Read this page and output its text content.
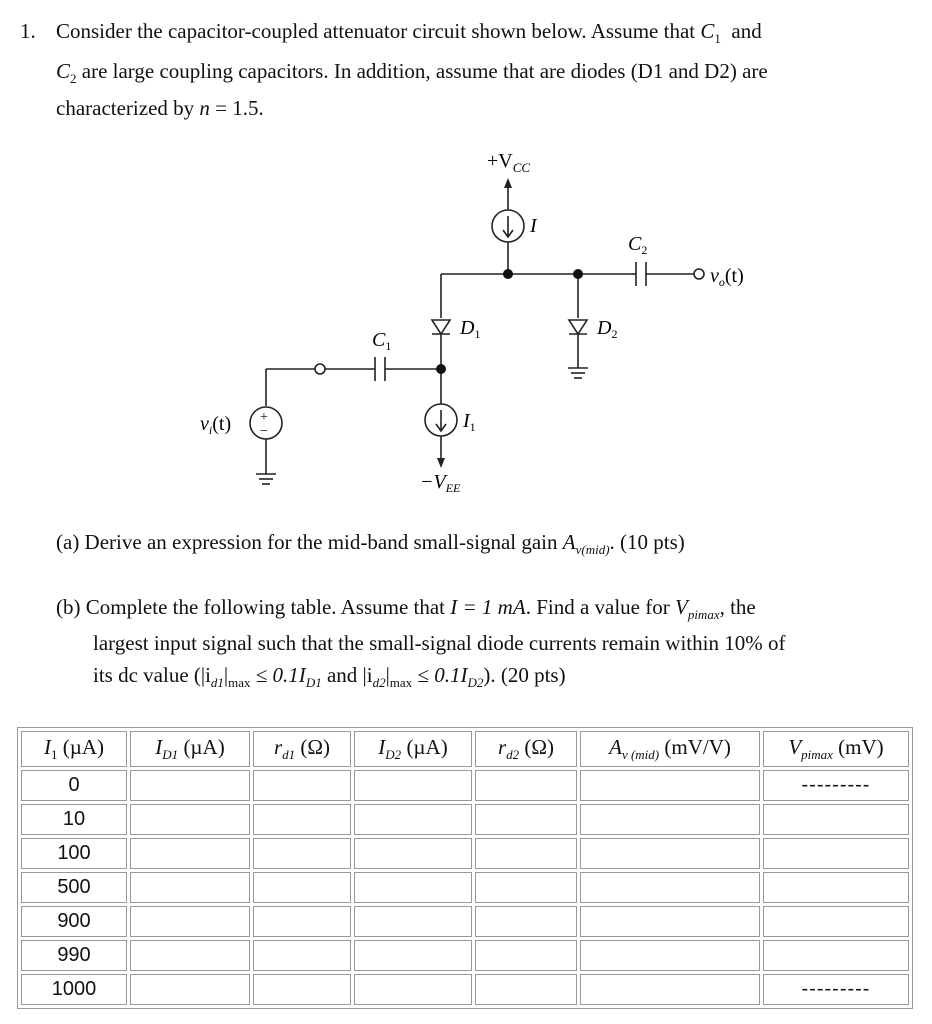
1. Consider the capacitor-coupled attenuator circuit shown below. Assume that $C_1$ and
$C_2$ are large coupling capacitors. In addition, assume that are diodes (D1 and D2) are
characterized by n = 1.5.
$+V_{CC}$
I
$C_2$
$v_o(t)$
$D_1$	$D_2$
$C_1$
$v_i(t)$ +
−	$I_1$
$-V_{EE}$
(a) Derive an expression for the mid-band small-signal gain $A_{v(mid)}$. (10 pts)
(b) Complete the following table. Assume that I = 1 mA. Find a value for $V_{pimax}$, the
largest input signal such that the small-signal diode currents remain within 10% of
its dc value ($|i_{d1}|_{max} \le 0.1I_{D1}$ and $|i_{d2}|_{max} \le 0.1I_{D2}$). (20 pts)
$I_1$ (µA)	$I_{D1}$ (µA)	$r_{d1}$ (Ω)	$I_{D2}$ (µA)	$r_{d2}$ (Ω)	$A_{v (mid)}$ (mV/V)	$V_{pimax}$ (mV)
0						---------
10						
100						
500						
900						
990						
1000						---------
